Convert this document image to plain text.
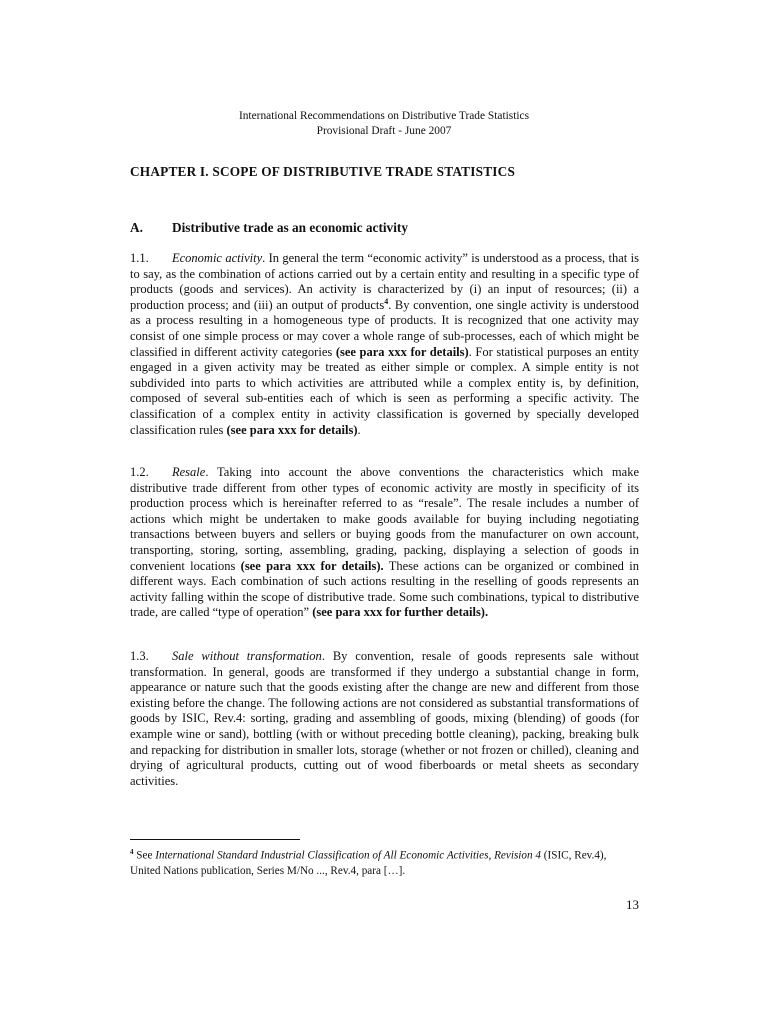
International Recommendations on Distributive Trade Statistics
Provisional Draft - June 2007
CHAPTER I. SCOPE OF DISTRIBUTIVE TRADE STATISTICS
A. Distributive trade as an economic activity

1.1. Economic activity. In general the term “economic activity” is understood as a process, that is to say, as the combination of actions carried out by a certain entity and resulting in a specific type of products (goods and services). An activity is characterized by (i) an input of resources; (ii) a production process; and (iii) an output of products$^4$. By convention, one single activity is understood as a process resulting in a homogeneous type of products. It is recognized that one activity may consist of one simple process or may cover a whole range of sub-processes, each of which might be classified in different activity categories (see para xxx for details). For statistical purposes an entity engaged in a given activity may be treated as either simple or complex. A simple entity is not subdivided into parts to which activities are attributed while a complex entity is, by definition, composed of several sub-entities each of which is seen as performing a specific activity. The classification of a complex entity in activity classification is governed by specially developed classification rules (see para xxx for details).

1.2. Resale. Taking into account the above conventions the characteristics which make distributive trade different from other types of economic activity are mostly in specificity of its production process which is hereinafter referred to as “resale”. The resale includes a number of actions which might be undertaken to make goods available for buying including negotiating transactions between buyers and sellers or buying goods from the manufacturer on own account, transporting, storing, sorting, assembling, grading, packing, displaying a selection of goods in convenient locations (see para xxx for details). These actions can be organized or combined in different ways. Each combination of such actions resulting in the reselling of goods represents an activity falling within the scope of distributive trade. Some such combinations, typical to distributive trade, are called “type of operation” (see para xxx for further details).

1.3. Sale without transformation. By convention, resale of goods represents sale without transformation. In general, goods are transformed if they undergo a substantial change in form, appearance or nature such that the goods existing after the change are new and different from those existing before the change. The following actions are not considered as substantial transformations of goods by ISIC, Rev.4: sorting, grading and assembling of goods, mixing (blending) of goods (for example wine or sand), bottling (with or without preceding bottle cleaning), packing, breaking bulk and repacking for distribution in smaller lots, storage (whether or not frozen or chilled), cleaning and drying of agricultural products, cutting out of wood fiberboards or metal sheets as secondary activities.

$^4$ See International Standard Industrial Classification of All Economic Activities, Revision 4 (ISIC, Rev.4), United Nations publication, Series M/No ..., Rev.4, para […].

13
